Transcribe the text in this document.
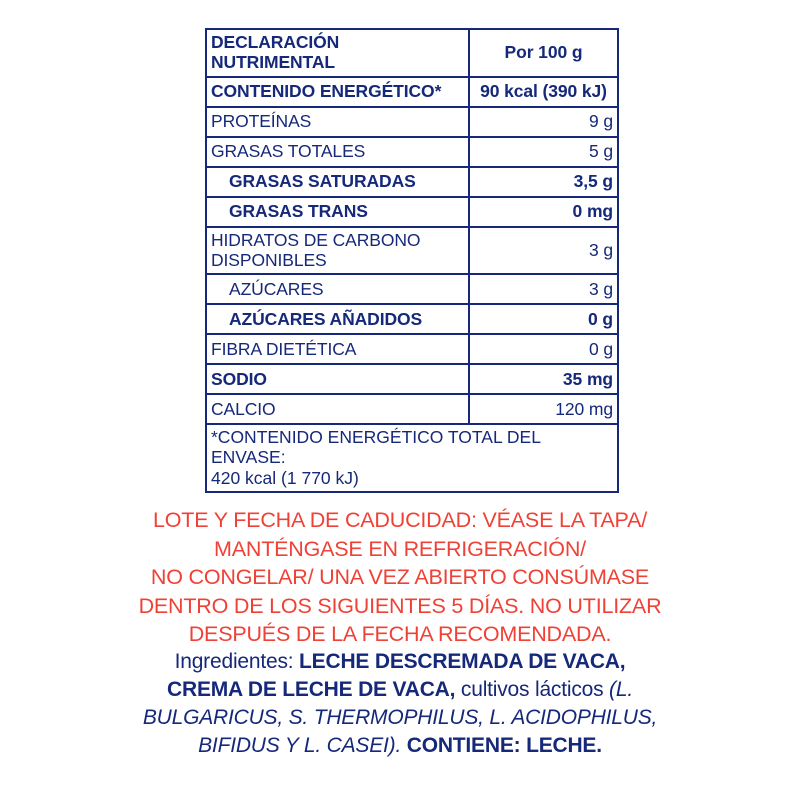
DECLARACIÓN NUTRIMENTAL	Por 100 g
CONTENIDO ENERGÉTICO*	90 kcal (390 kJ)
PROTEÍNAS	9 g
GRASAS TOTALES	5 g
GRASAS SATURADAS	3,5 g
GRASAS TRANS	0 mg
HIDRATOS DE CARBONO DISPONIBLES	3 g
AZÚCARES	3 g
AZÚCARES AÑADIDOS	0 g
FIBRA DIETÉTICA	0 g
SODIO	35 mg
CALCIO	120 mg
*CONTENIDO ENERGÉTICO TOTAL DEL ENVASE:
420 kcal (1 770 kJ)	
LOTE Y FECHA DE CADUCIDAD: VÉASE LA TAPA/
MANTÉNGASE EN REFRIGERACIÓN/
NO CONGELAR/ UNA VEZ ABIERTO CONSÚMASE
DENTRO DE LOS SIGUIENTES 5 DÍAS. NO UTILIZAR
DESPUÉS DE LA FECHA RECOMENDADA.
Ingredientes: LECHE DESCREMADA DE VACA,
CREMA DE LECHE DE VACA, cultivos lácticos (L.
BULGARICUS, S. THERMOPHILUS, L. ACIDOPHILUS,
BIFIDUS Y L. CASEI). CONTIENE: LECHE.
